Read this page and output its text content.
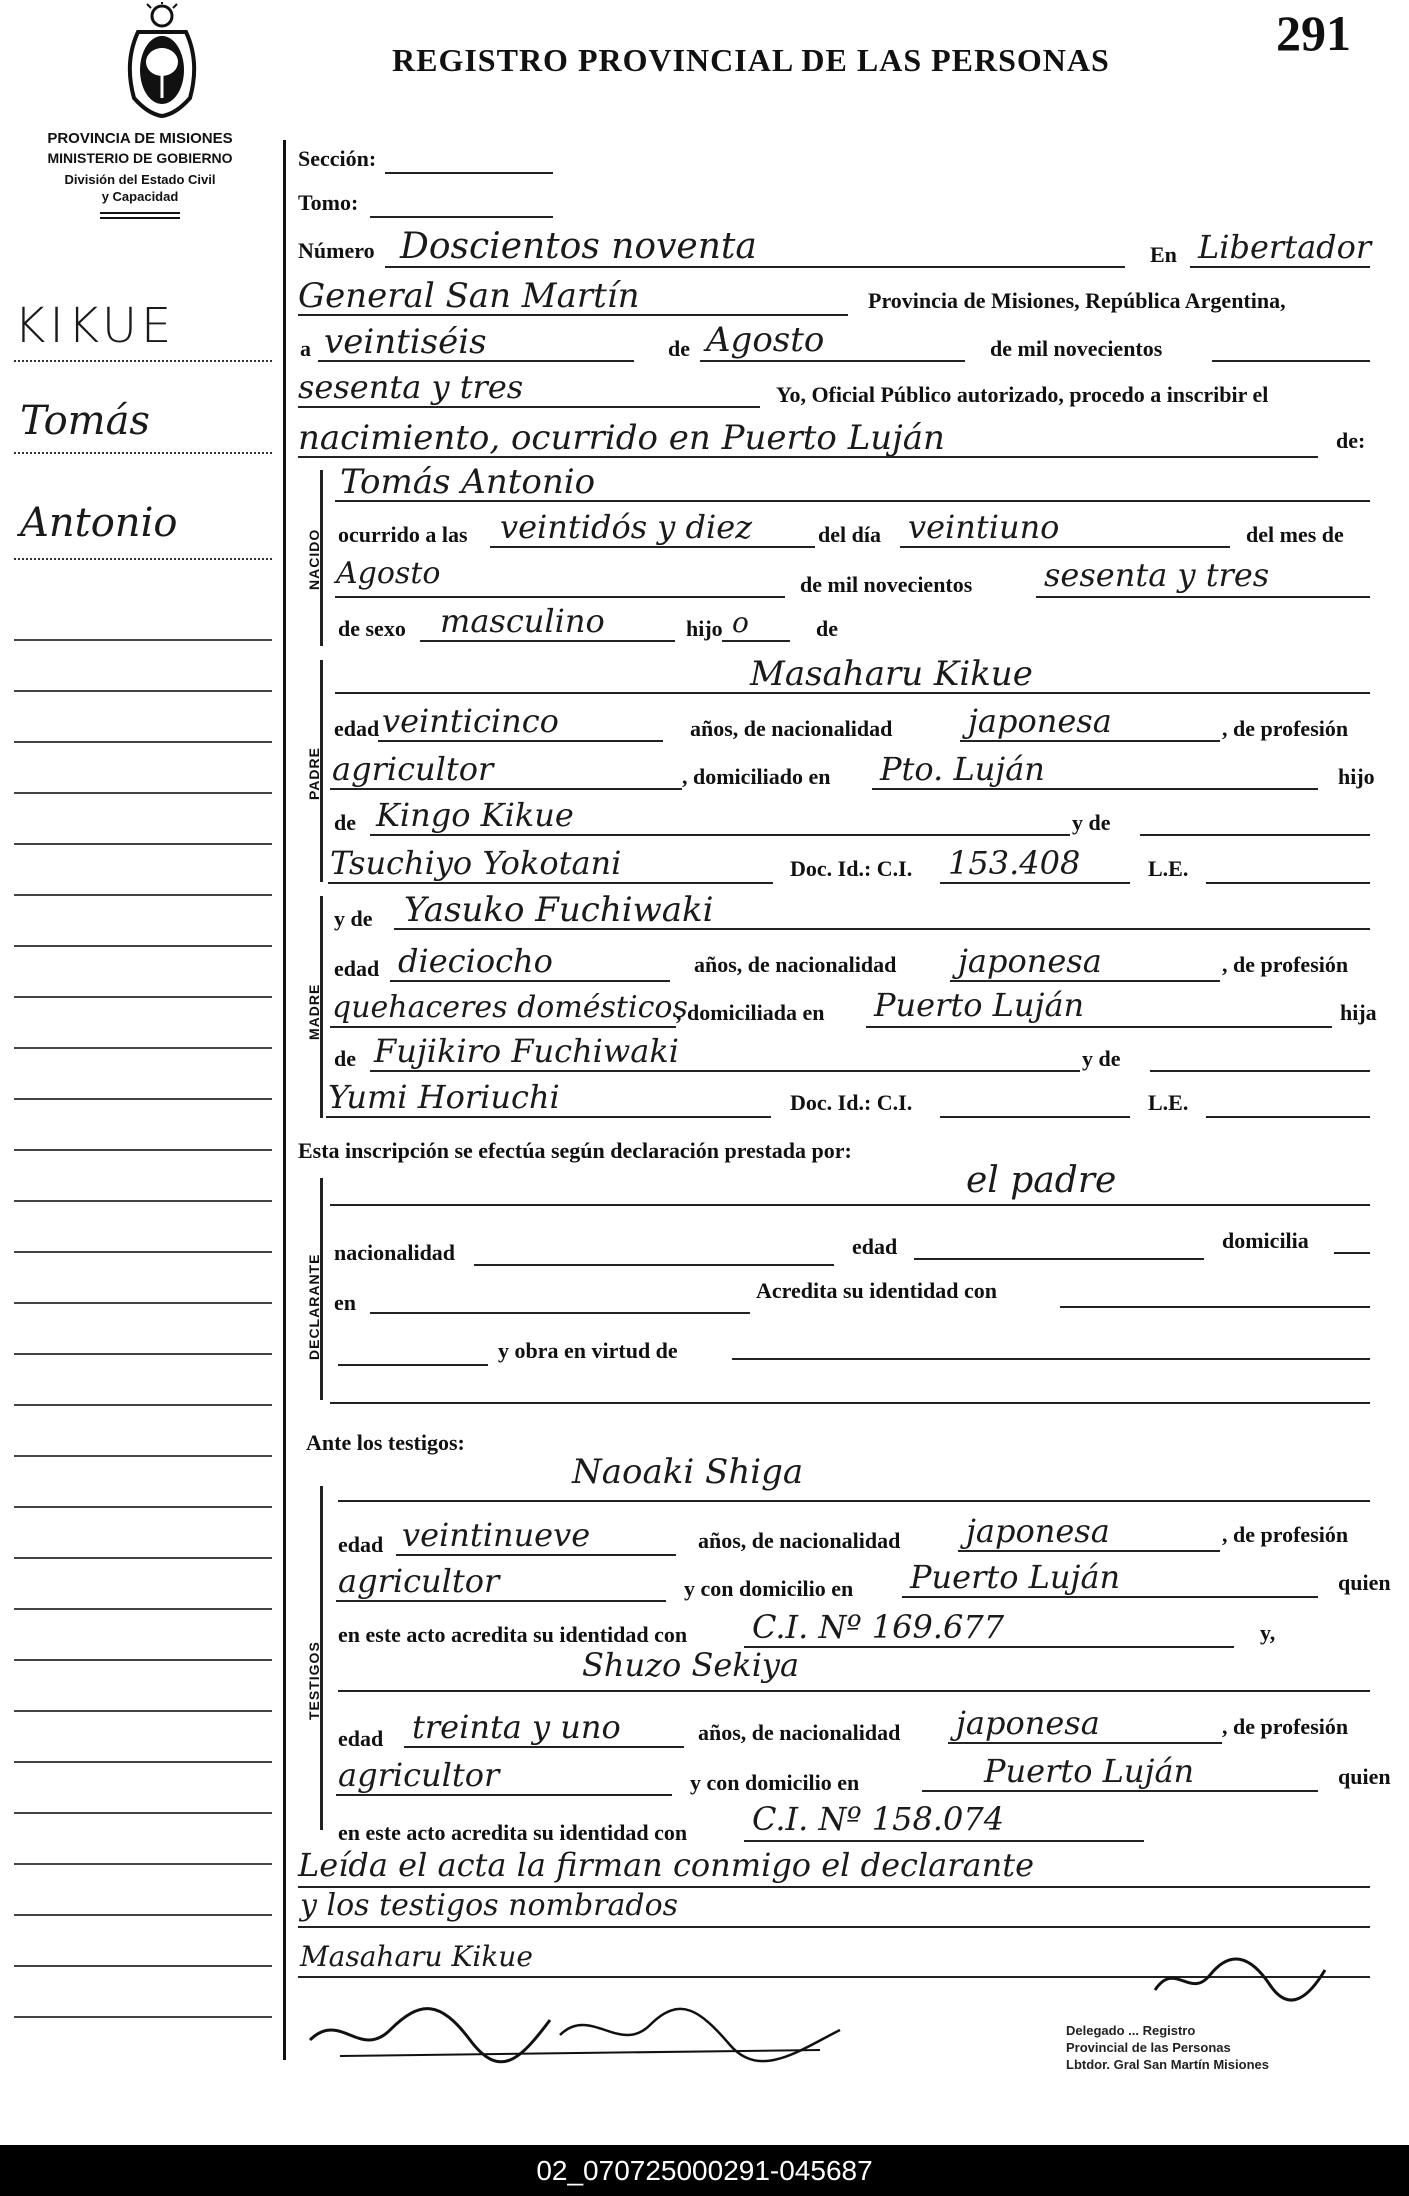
REGISTRO PROVINCIAL DE LAS PERSONAS	291
PROVINCIA DE MISIONES
MINISTERIO DE GOBIERNO
División del Estado Civil
y Capacidad
KIKUE
Tomás
Antonio
Sección:
Tomo:
Número Doscientos noventa	En Libertador
General San Martín	Provincia de Misiones, República Argentina,
a veintiséis	de Agosto	de mil novecientos
sesenta y tres	Yo, Oficial Público autorizado, procedo a inscribir el
nacimiento, ocurrido en Puerto Luján	de:
NACIDO
Tomás Antonio
ocurrido a las veintidós y diez	del día veintiuno	del mes de
Agosto	de mil novecientos sesenta y tres
de sexo masculino	hijo o	de
PADRE
Masaharu Kikue
edad veinticinco	años, de nacionalidad japonesa	, de profesión
agricultor	, domiciliado en Pto. Luján	hijo
de Kingo Kikue	y de
Tsuchiyo Yokotani	Doc. Id.: C.I. 153.408	L.E.
MADRE
y de Yasuko Fuchiwaki
edad dieciocho	años, de nacionalidad japonesa	, de profesión
quehaceres domésticos
, domiciliada en Puerto Luján	hija
de Fujikiro Fuchiwaki	y de
Yumi Horiuchi	Doc. Id.: C.I.	L.E.
Esta inscripción se efectúa según declaración prestada por:
DECLARANTE
el padre
nacionalidad	edad	domicilia
en	Acredita su identidad con
y obra en virtud de
Ante los testigos:
TESTIGOS
Naoaki Shiga
edad veintinueve	años, de nacionalidad japonesa	, de profesión
agricultor	y con domicilio en Puerto Luján	quien
en este acto acredita su identidad con C.I. Nº 169.677	y,
Shuzo Sekiya
edad treinta y uno	años, de nacionalidad japonesa	, de profesión
agricultor	y con domicilio en	Puerto Luján	quien
en este acto acredita su identidad con C.I. Nº 158.074
Leída el acta la firman conmigo el declarante
y los testigos nombrados
Masaharu Kikue
Delegado ... Registro
Provincial de las Personas
Lbtdor. Gral San Martín Misiones
02_070725000291-045687
